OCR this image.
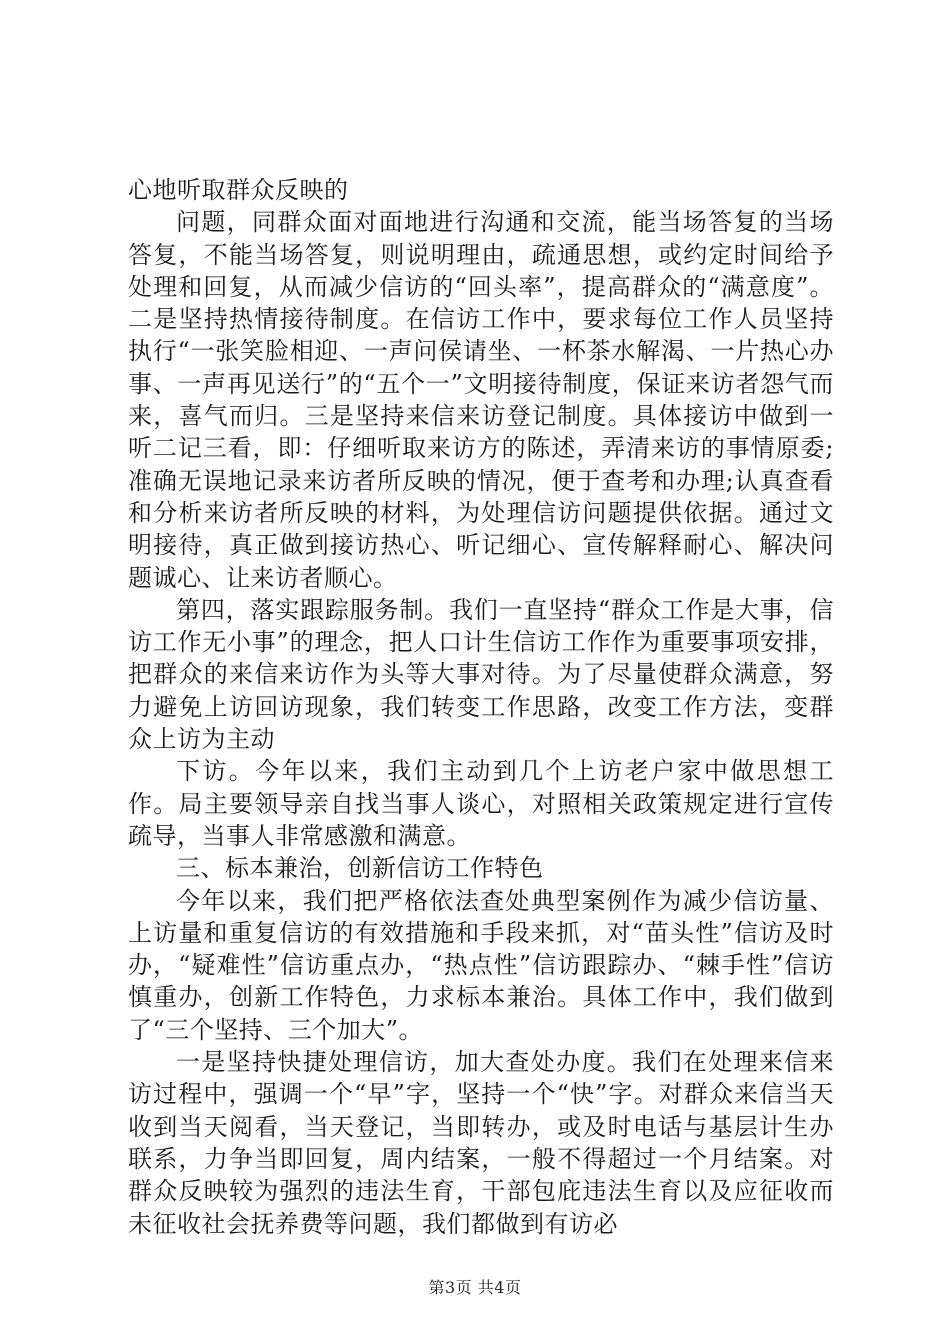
心地听取群众反映的

问题，同群众面对面地进行沟通和交流，能当场答复的当场答复，不能当场答复，则说明理由，疏通思想，或约定时间给予处理和回复，从而减少信访的“回头率”，提高群众的“满意度”。二是坚持热情接待制度。在信访工作中，要求每位工作人员坚持执行“一张笑脸相迎、一声问侯请坐、一杯茶水解渴、一片热心办事、一声再见送行”的“五个一”文明接待制度，保证来访者怨气而来，喜气而归。三是坚持来信来访登记制度。具体接访中做到一听二记三看，即：仔细听取来访方的陈述，弄清来访的事情原委;准确无误地记录来访者所反映的情况，便于查考和办理;认真查看和分析来访者所反映的材料，为处理信访问题提供依据。通过文明接待，真正做到接访热心、听记细心、宣传解释耐心、解决问题诚心、让来访者顺心。

第四，落实跟踪服务制。我们一直坚持“群众工作是大事，信访工作无小事”的理念，把人口计生信访工作作为重要事项安排，把群众的来信来访作为头等大事对待。为了尽量使群众满意，努力避免上访回访现象，我们转变工作思路，改变工作方法，变群众上访为主动

下访。今年以来，我们主动到几个上访老户家中做思想工作。局主要领导亲自找当事人谈心，对照相关政策规定进行宣传疏导，当事人非常感激和满意。

三、标本兼治，创新信访工作特色

今年以来，我们把严格依法查处典型案例作为减少信访量、上访量和重复信访的有效措施和手段来抓，对“苗头性”信访及时办，“疑难性”信访重点办，“热点性”信访跟踪办、“棘手性”信访慎重办，创新工作特色，力求标本兼治。具体工作中，我们做到了“三个坚持、三个加大”。

一是坚持快捷处理信访，加大查处办度。我们在处理来信来访过程中，强调一个“早”字，坚持一个“快”字。对群众来信当天收到当天阅看，当天登记，当即转办，或及时电话与基层计生办联系，力争当即回复，周内结案，一般不得超过一个月结案。对群众反映较为强烈的违法生育，干部包庇违法生育以及应征收而未征收社会抚养费等问题，我们都做到有访必

第3页 共4页
